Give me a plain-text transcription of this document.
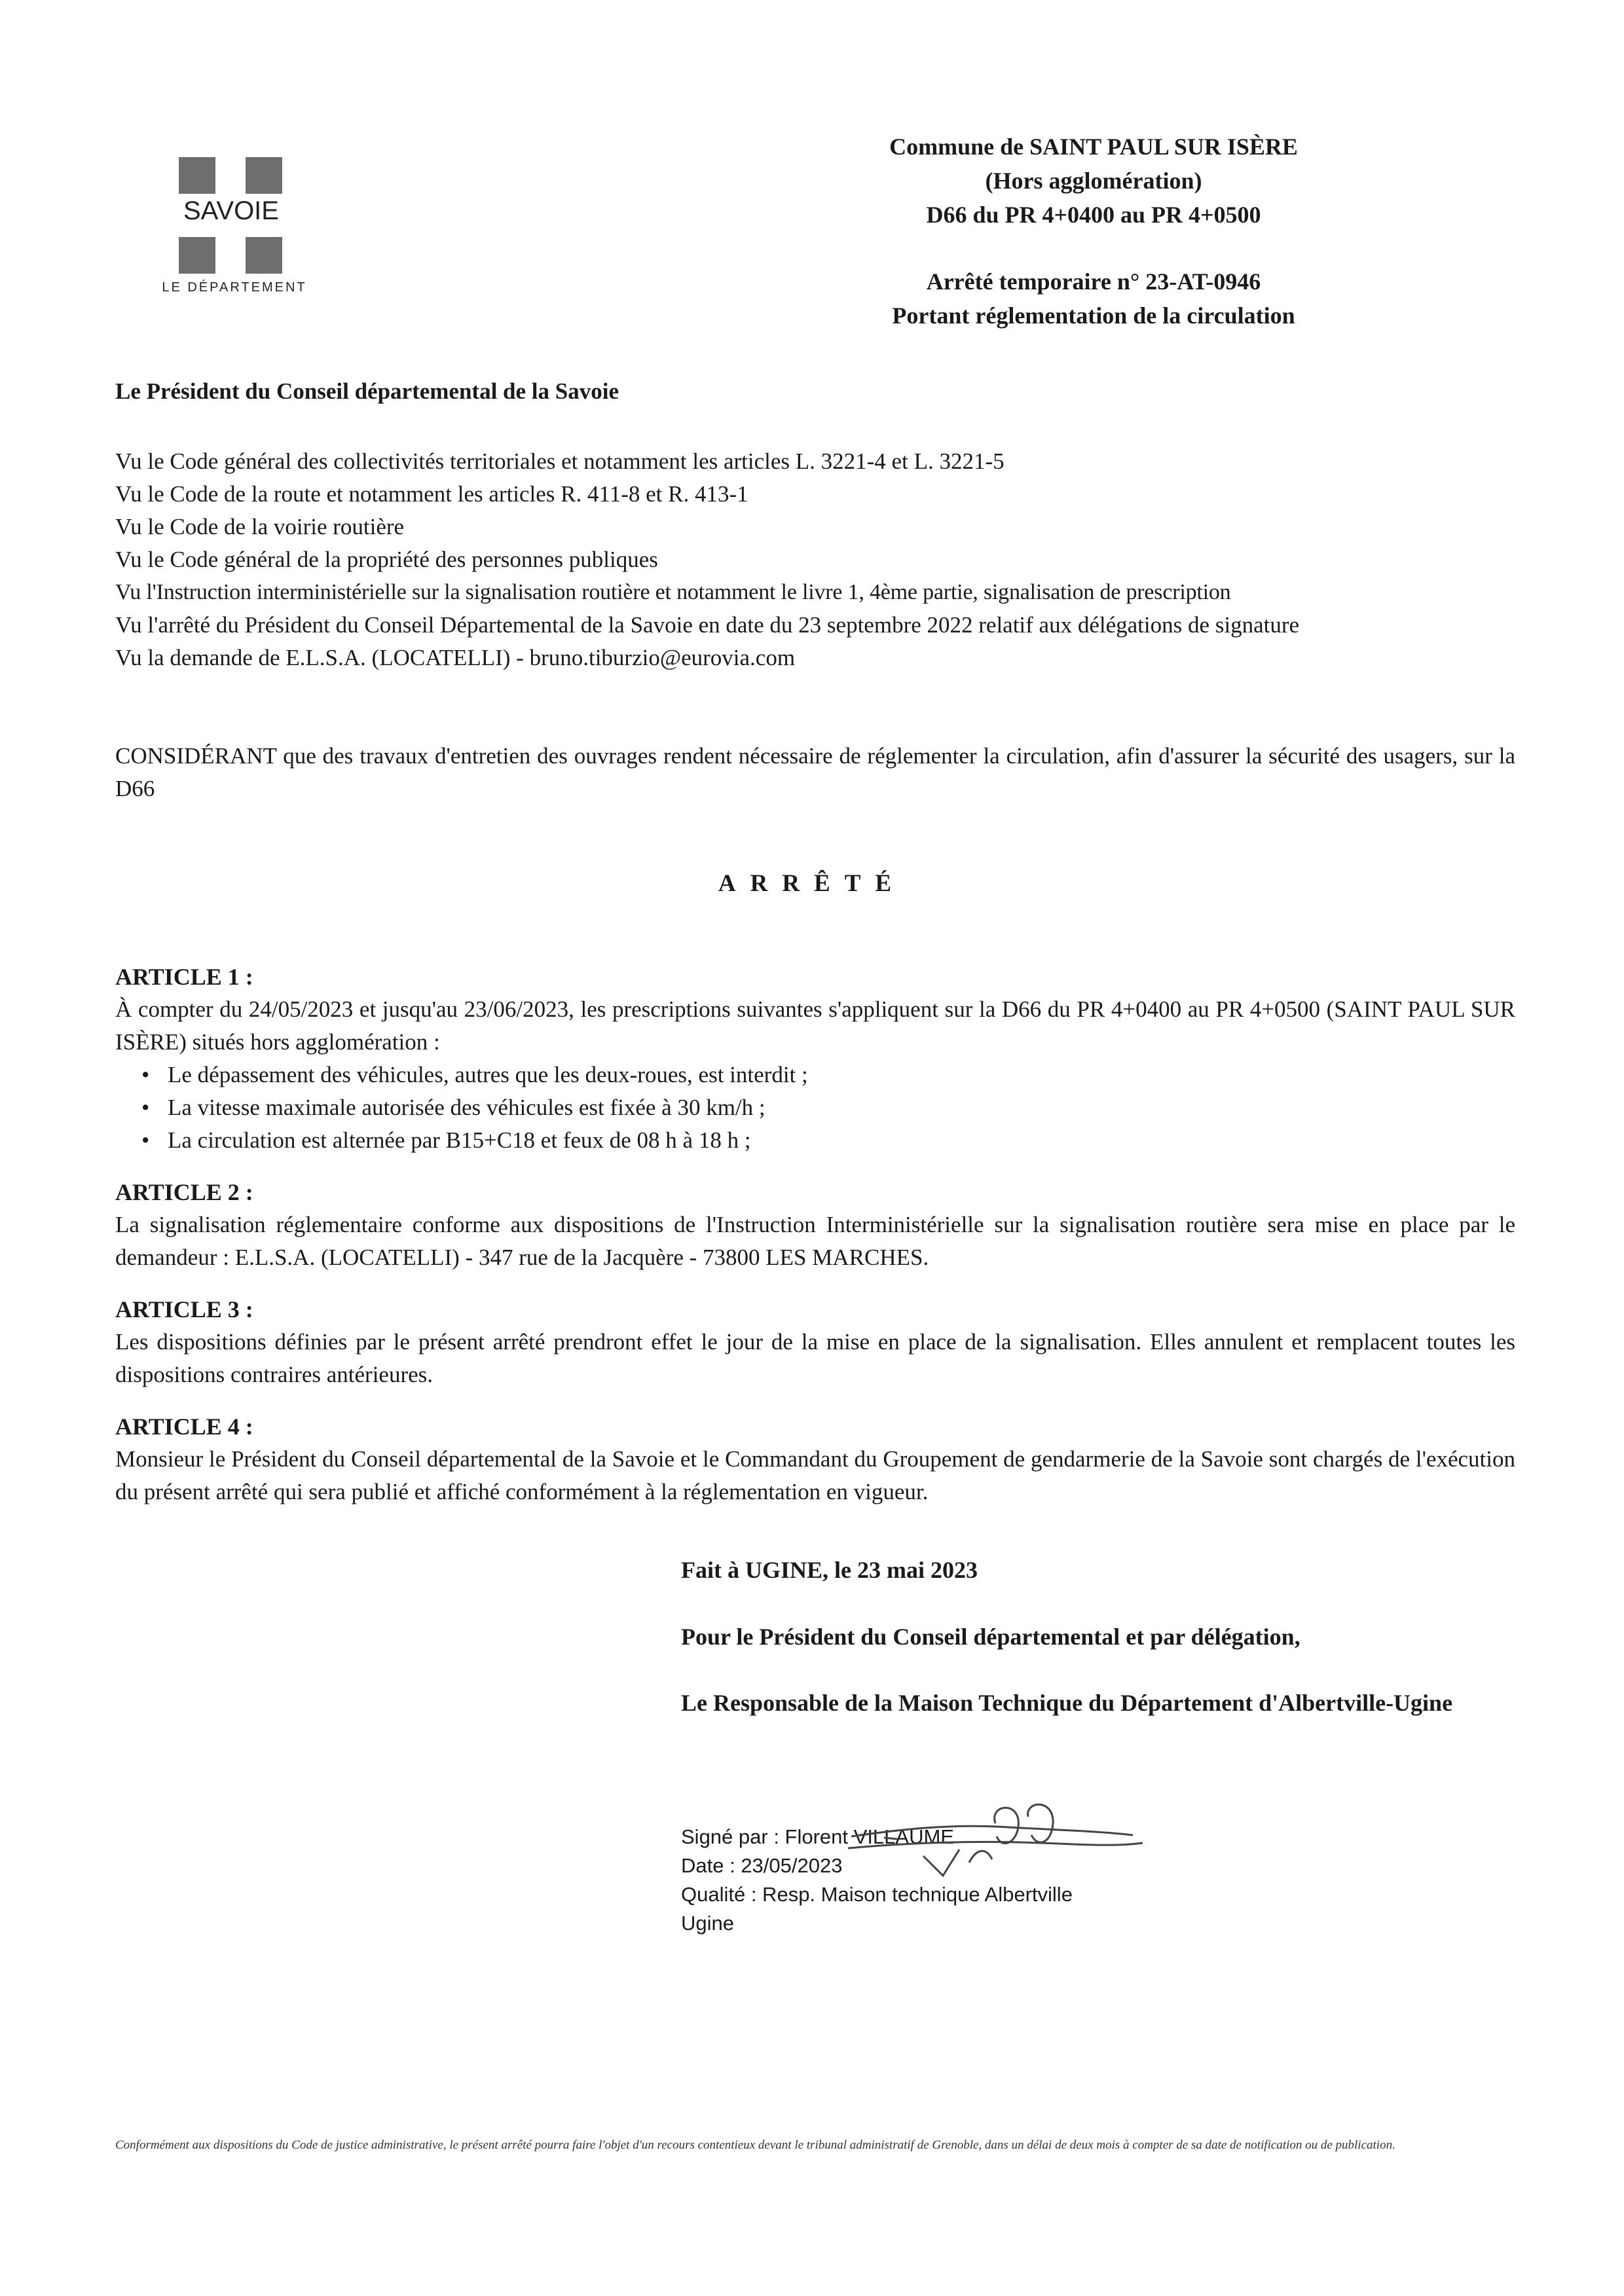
SAVOIE
LE DÉPARTEMENT
Commune de SAINT PAUL SUR ISÈRE
(Hors agglomération)
D66 du PR 4+0400 au PR 4+0500
Arrêté temporaire n° 23-AT-0946
Portant réglementation de la circulation
Le Président du Conseil départemental de la Savoie

Vu le Code général des collectivités territoriales et notamment les articles L. 3221-4 et L. 3221-5

Vu le Code de la route et notamment les articles R. 411-8 et R. 413-1

Vu le Code de la voirie routière

Vu le Code général de la propriété des personnes publiques

Vu l'Instruction interministérielle sur la signalisation routière et notamment le livre 1, 4ème partie, signalisation de prescription

Vu l'arrêté du Président du Conseil Départemental de la Savoie en date du 23 septembre 2022 relatif aux délégations de signature

Vu la demande de E.L.S.A. (LOCATELLI) - bruno.tiburzio@eurovia.com

CONSIDÉRANT que des travaux d'entretien des ouvrages rendent nécessaire de réglementer la circulation, afin d'assurer la sécurité des usagers, sur la D66
ARRÊTÉ

ARTICLE 1 :

À compter du 24/05/2023 et jusqu'au 23/06/2023, les prescriptions suivantes s'appliquent sur la D66 du PR 4+0400 au PR 4+0500 (SAINT PAUL SUR ISÈRE) situés hors agglomération :

• Le dépassement des véhicules, autres que les deux-roues, est interdit ;
• La vitesse maximale autorisée des véhicules est fixée à 30 km/h ;
• La circulation est alternée par B15+C18 et feux de 08 h à 18 h ;

ARTICLE 2 :

La signalisation réglementaire conforme aux dispositions de l'Instruction Interministérielle sur la signalisation routière sera mise en place par le demandeur : E.L.S.A. (LOCATELLI) - 347 rue de la Jacquère - 73800 LES MARCHES.

ARTICLE 3 :

Les dispositions définies par le présent arrêté prendront effet le jour de la mise en place de la signalisation. Elles annulent et remplacent toutes les dispositions contraires antérieures.

ARTICLE 4 :

Monsieur le Président du Conseil départemental de la Savoie et le Commandant du Groupement de gendarmerie de la Savoie sont chargés de l'exécution du présent arrêté qui sera publié et affiché conformément à la réglementation en vigueur.

Fait à UGINE, le 23 mai 2023
Pour le Président du Conseil départemental et par délégation,
Le Responsable de la Maison Technique du Département d'Albertville-Ugine

Signé par : Florent VILLAUME

Date : 23/05/2023

Qualité : Resp. Maison technique Albertville

Ugine

Conformément aux dispositions du Code de justice administrative, le présent arrêté pourra faire l'objet d'un recours contentieux devant le tribunal administratif de Grenoble, dans un délai de deux mois à compter de sa date de notification ou de publication.
